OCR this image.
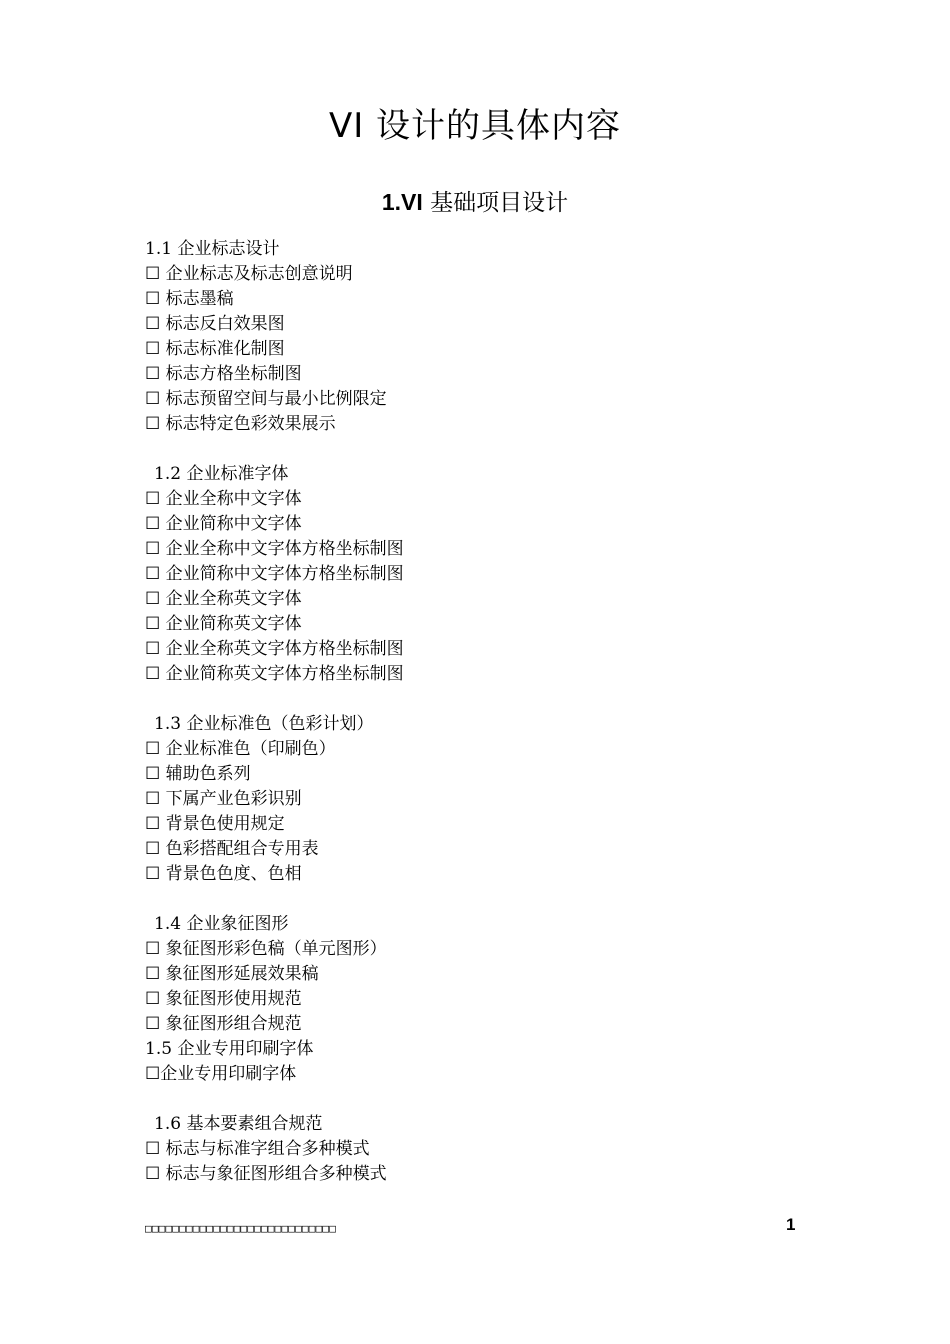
VI 设计的具体内容
1.VI 基础项目设计
1.1 企业标志设计
☐ 企业标志及标志创意说明
☐ 标志墨稿
☐ 标志反白效果图
☐ 标志标准化制图
☐ 标志方格坐标制图
☐ 标志预留空间与最小比例限定
☐ 标志特定色彩效果展示
1.2 企业标准字体
☐ 企业全称中文字体
☐ 企业简称中文字体
☐ 企业全称中文字体方格坐标制图
☐ 企业简称中文字体方格坐标制图
☐ 企业全称英文字体
☐ 企业简称英文字体
☐ 企业全称英文字体方格坐标制图
☐ 企业简称英文字体方格坐标制图
1.3 企业标准色（色彩计划）
☐ 企业标准色（印刷色）
☐ 辅助色系列
☐ 下属产业色彩识别
☐ 背景色使用规定
☐ 色彩搭配组合专用表
☐ 背景色色度、色相
1.4 企业象征图形
☐ 象征图形彩色稿（单元图形）
☐ 象征图形延展效果稿
☐ 象征图形使用规范
☐ 象征图形组合规范
1.5 企业专用印刷字体
☐企业专用印刷字体
1.6 基本要素组合规范
☐ 标志与标准字组合多种模式
☐ 标志与象征图形组合多种模式
□□□□□□□□□□□□□□□□□□□□□□□□□□□□	1
